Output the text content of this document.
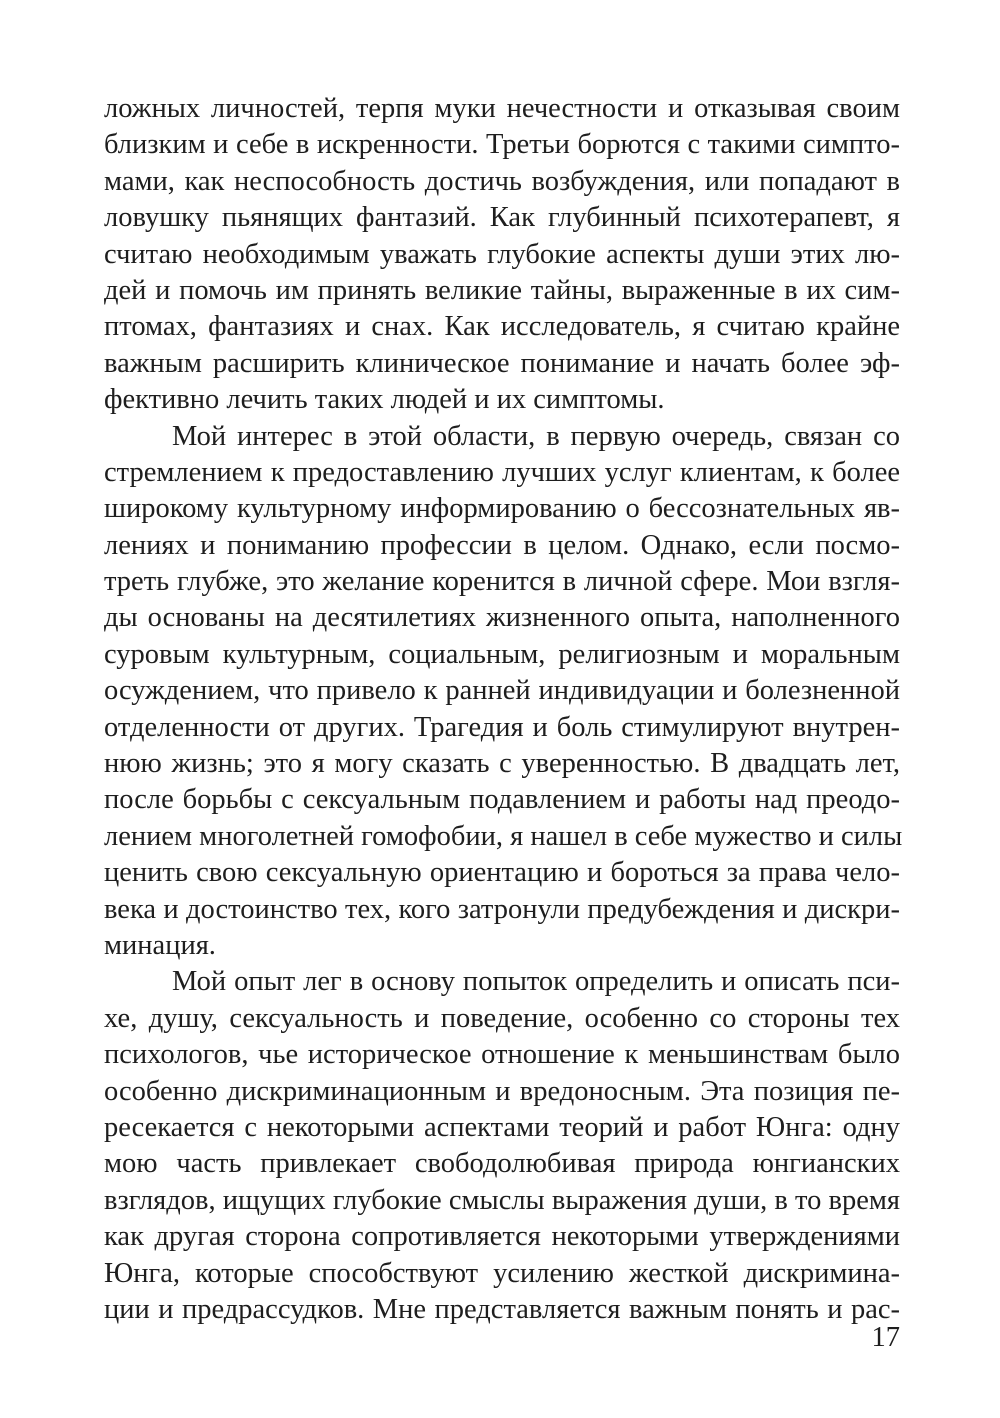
ложных личностей, терпя муки нечестности и отказывая своим
близким и себе в искренности. Третьи борются с такими симпто-
мами, как неспособность достичь возбуждения, или попадают в
ловушку пьянящих фантазий. Как глубинный психотерапевт, я
считаю необходимым уважать глубокие аспекты души этих лю-
дей и помочь им принять великие тайны, выраженные в их сим-
птомах, фантазиях и снах. Как исследователь, я считаю крайне
важным расширить клиническое понимание и начать более эф-
фективно лечить таких людей и их симптомы.
Мой интерес в этой области, в первую очередь, связан со
стремлением к предоставлению лучших услуг клиентам, к более
широкому культурному информированию о бессознательных яв-
лениях и пониманию профессии в целом. Однако, если посмо-
треть глубже, это желание коренится в личной сфере. Мои взгля-
ды основаны на десятилетиях жизненного опыта, наполненного
суровым культурным, социальным, религиозным и моральным
осуждением, что привело к ранней индивидуации и болезненной
отделенности от других. Трагедия и боль стимулируют внутрен-
нюю жизнь; это я могу сказать с уверенностью. В двадцать лет,
после борьбы с сексуальным подавлением и работы над преодо-
лением многолетней гомофобии, я нашел в себе мужество и силы
ценить свою сексуальную ориентацию и бороться за права чело-
века и достоинство тех, кого затронули предубеждения и дискри-
минация.
Мой опыт лег в основу попыток определить и описать пси-
хе, душу, сексуальность и поведение, особенно со стороны тех
психологов, чье историческое отношение к меньшинствам было
особенно дискриминационным и вредоносным. Эта позиция пе-
ресекается с некоторыми аспектами теорий и работ Юнга: одну
мою часть привлекает свободолюбивая природа юнгианских
взглядов, ищущих глубокие смыслы выражения души, в то время
как другая сторона сопротивляется некоторыми утверждениями
Юнга, которые способствуют усилению жесткой дискримина-
ции и предрассудков. Мне представляется важным понять и рас-
17
